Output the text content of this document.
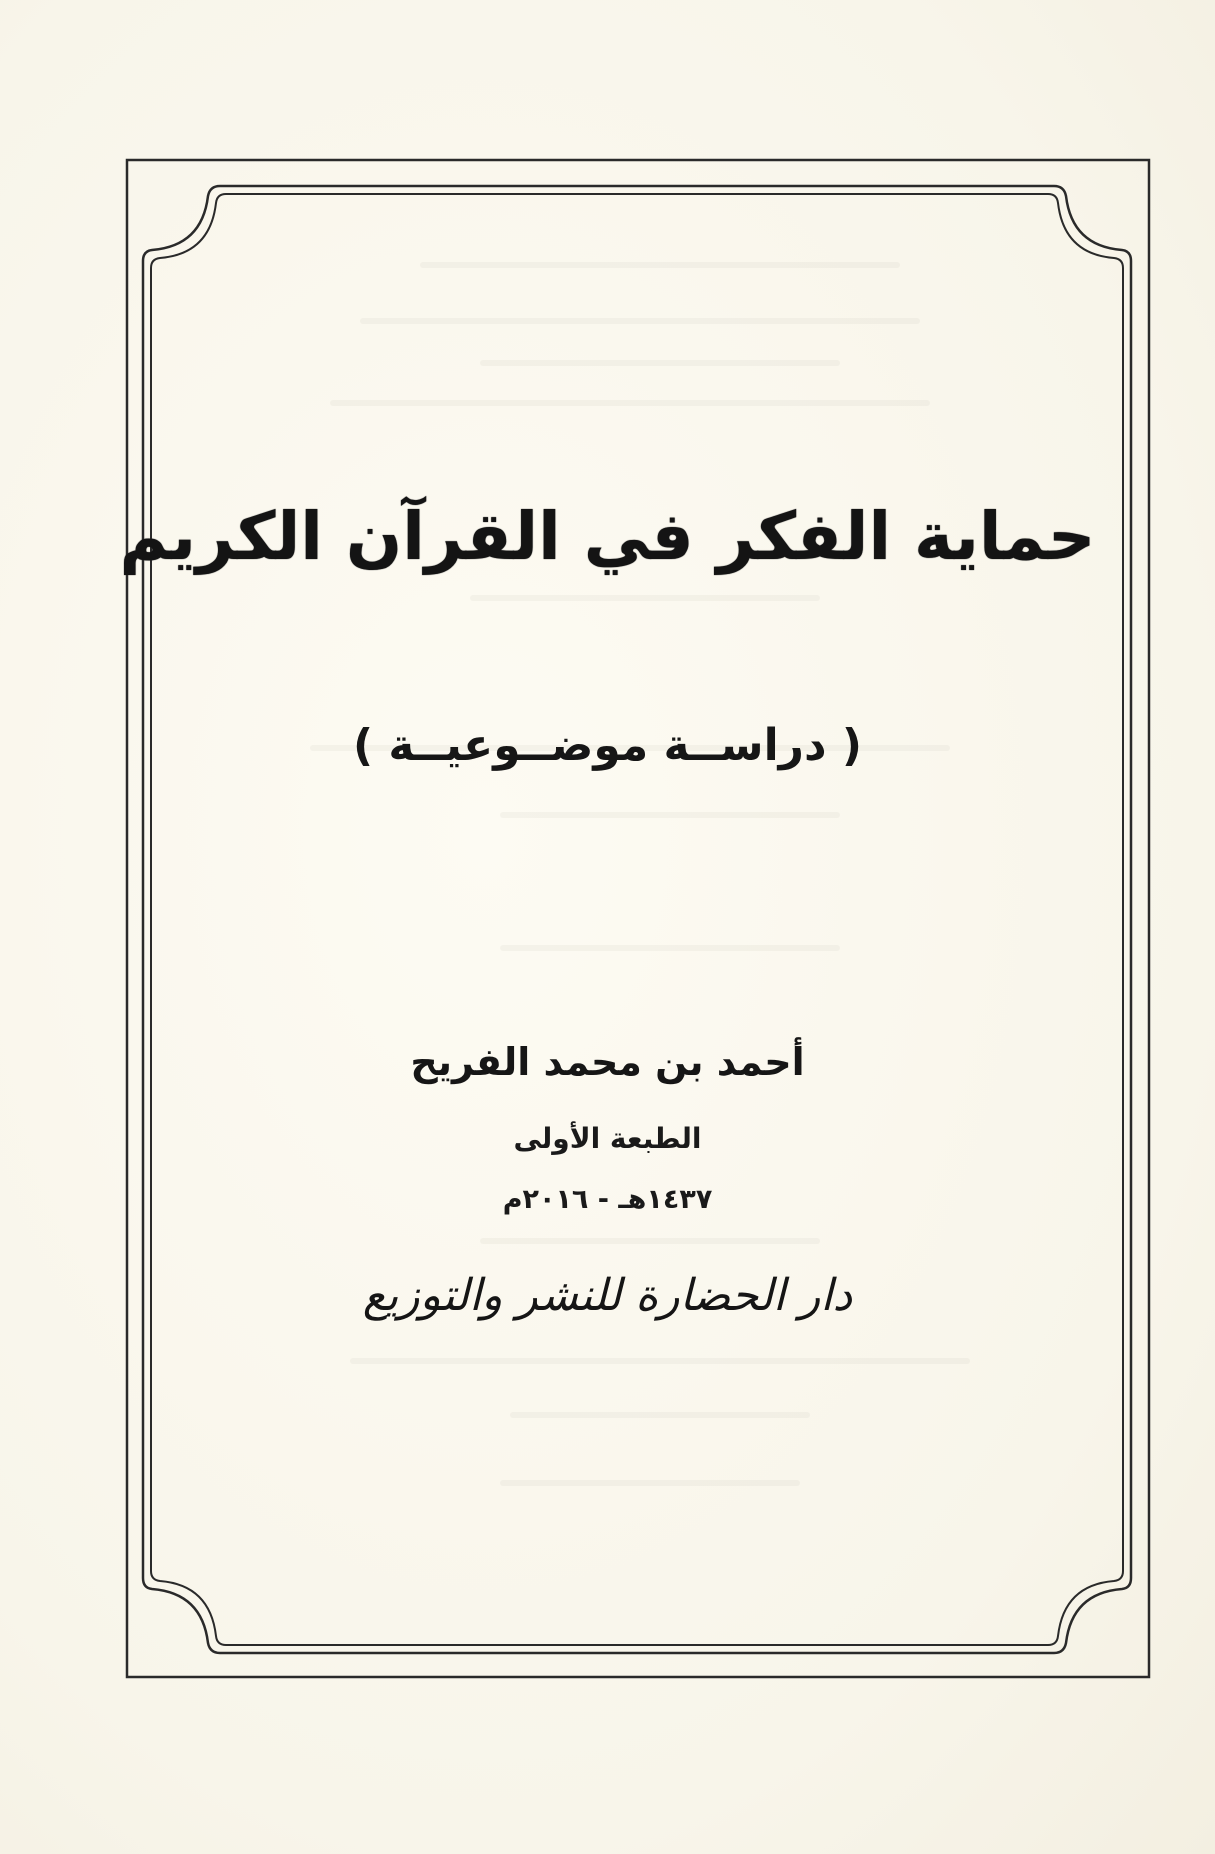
حماية الفكر في القرآن الكريم
( دراســة موضــوعيــة )
أحمد بن محمد الفريح
الطبعة الأولى
١٤٣٧هـ - ٢٠١٦م
دار الحضارة للنشر والتوزيع
